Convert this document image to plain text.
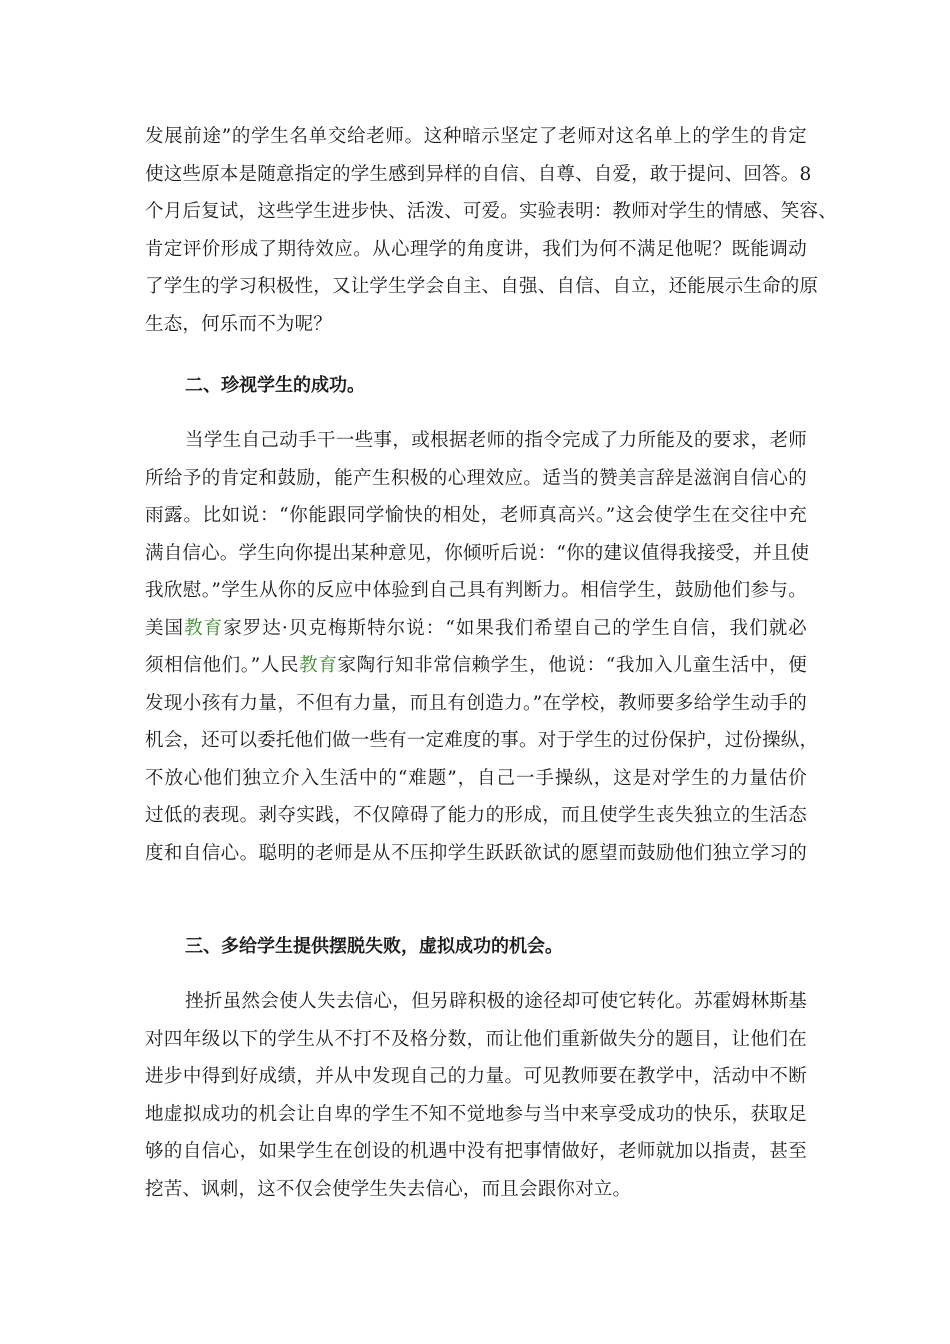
发展前途”的学生名单交给老师。这种暗示坚定了老师对这名单上的学生的肯定
使这些原本是随意指定的学生感到异样的自信、自尊、自爱，敢于提问、回答。8
个月后复试，这些学生进步快、活泼、可爱。实验表明：教师对学生的情感、笑容、
肯定评价形成了期待效应。从心理学的角度讲，我们为何不满足他呢？既能调动
了学生的学习积极性，又让学生学会自主、自强、自信、自立，还能展示生命的原
生态，何乐而不为呢？
二、珍视学生的成功。
当学生自己动手干一些事，或根据老师的指令完成了力所能及的要求，老师
所给予的肯定和鼓励，能产生积极的心理效应。适当的赞美言辞是滋润自信心的
雨露。比如说：“你能跟同学愉快的相处，老师真高兴。”这会使学生在交往中充
满自信心。学生向你提出某种意见，你倾听后说：“你的建议值得我接受，并且使
我欣慰。”学生从你的反应中体验到自己具有判断力。相信学生，鼓励他们参与。
美国教育家罗达·贝克梅斯特尔说：“如果我们希望自己的学生自信，我们就必
须相信他们。”人民教育家陶行知非常信赖学生，他说：“我加入儿童生活中，便
发现小孩有力量，不但有力量，而且有创造力。”在学校，教师要多给学生动手的
机会，还可以委托他们做一些有一定难度的事。对于学生的过份保护，过份操纵，
不放心他们独立介入生活中的“难题”，自己一手操纵，这是对学生的力量估价
过低的表现。剥夺实践，不仅障碍了能力的形成，而且使学生丧失独立的生活态
度和自信心。聪明的老师是从不压抑学生跃跃欲试的愿望而鼓励他们独立学习的
三、多给学生提供摆脱失败，虚拟成功的机会。
挫折虽然会使人失去信心，但另辟积极的途径却可使它转化。苏霍姆林斯基
对四年级以下的学生从不打不及格分数，而让他们重新做失分的题目，让他们在
进步中得到好成绩，并从中发现自己的力量。可见教师要在教学中，活动中不断
地虚拟成功的机会让自卑的学生不知不觉地参与当中来享受成功的快乐，获取足
够的自信心，如果学生在创设的机遇中没有把事情做好，老师就加以指责，甚至
挖苦、讽刺，这不仅会使学生失去信心，而且会跟你对立。
